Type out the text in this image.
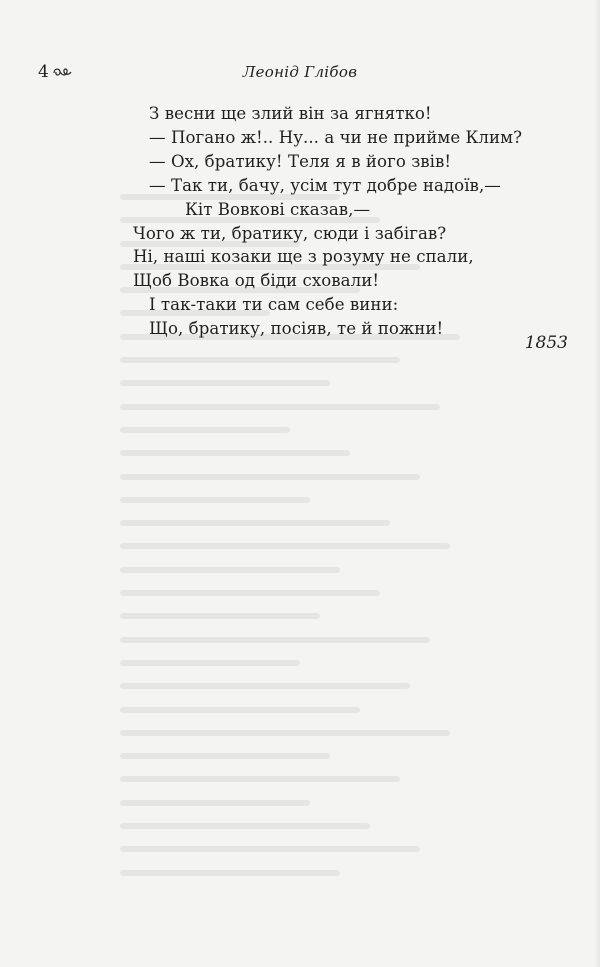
4	Леонід Глібов
З весни ще злий він за ягнятко!
— Погано ж!.. Ну... а чи не прийме Клим?
— Ох, братику! Теля я в його звів!
— Так ти, бачу, усім тут добре надоїв,—
Кіт Вовкові сказав,—
Чого ж ти, братику, сюди і забігав?
Ні, наші козаки ще з розуму не спали,
Щоб Вовка од біди сховали!
І так-таки ти сам себе вини:
Що, братику, посіяв, те й пожни!
1853
